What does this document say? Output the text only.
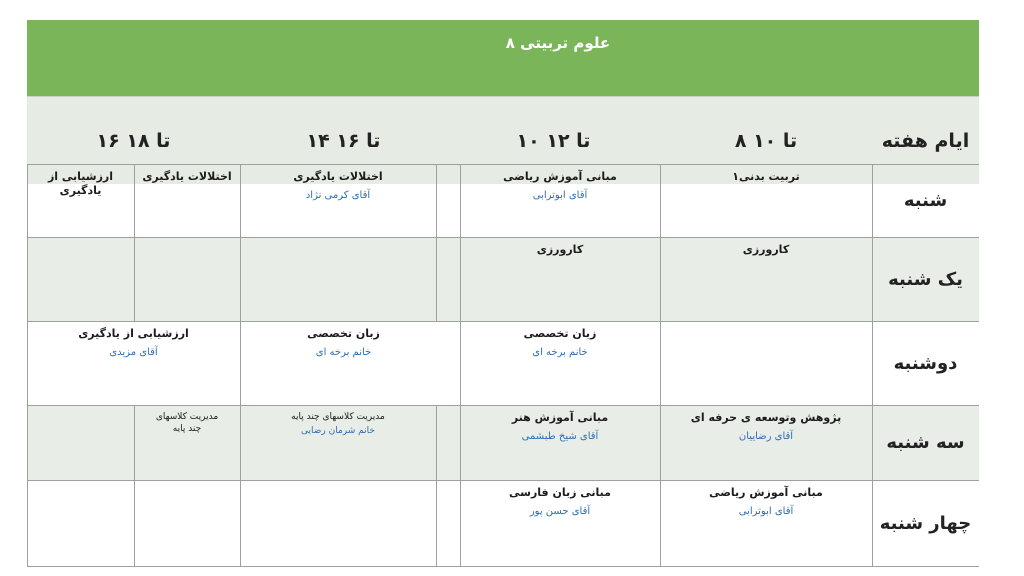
علوم تربیتی ۸
ایام هفته
۸ تا ۱۰
۱۰ تا ۱۲
۱۴ تا ۱۶
۱۶ تا ۱۸
شنبه
تربیت بدنی۱
مبانی آموزش ریاضی
آقای ابوترابی
اختلالات یادگیری
آقای کرمی نژاد
اختلالات یادگیری
ارزشیابی از یادگیری
یک شنبه
کارورزی
کارورزی
دوشنبه
زبان تخصصی
خانم برخه ای
زبان تخصصی
خانم برخه ای
ارزشیابی از یادگیری
آقای مزیدی
سه شنبه
پژوهش وتوسعه ی حرفه ای
آقای رضاییان
مبانی آموزش هنر
آقای شیخ طبشمی
مدیریت کلاسهای چند پایه
خانم شرمان رضایی
مدیریت کلاسهای چند پایه
چهار شنبه
مبانی آموزش ریاضی
آقای ابوترابی
مبانی زبان فارسی
آقای حسن پور
